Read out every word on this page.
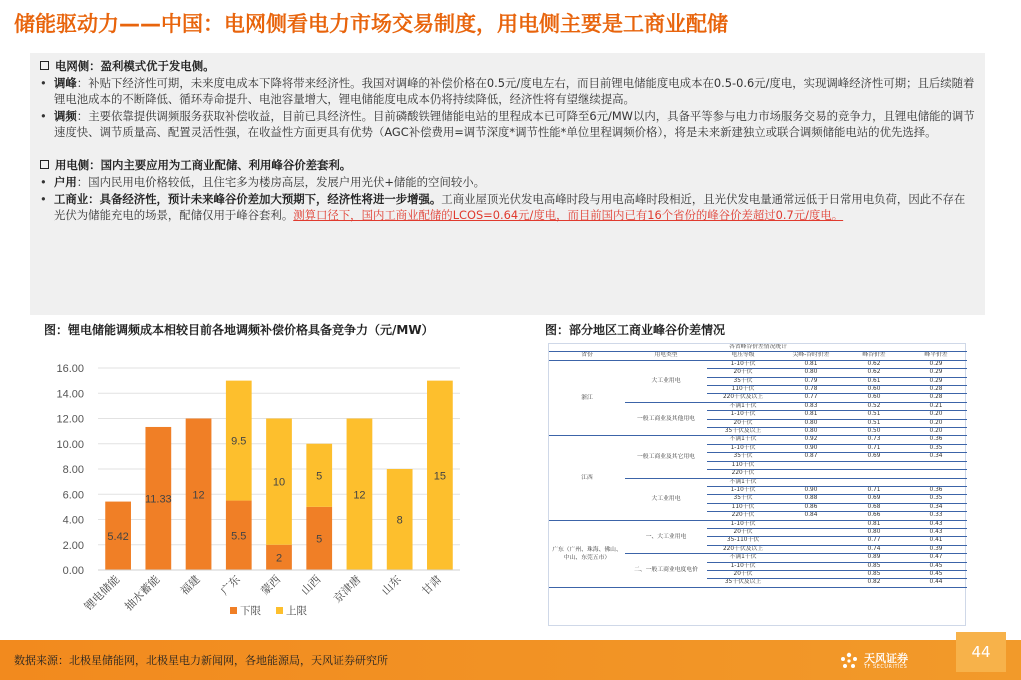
储能驱动力——中国：电网侧看电力市场交易制度，用电侧主要是工商业配储
电网侧：盈利模式优于发电侧。
• 调峰：补贴下经济性可期，未来度电成本下降将带来经济性。我国对调峰的补偿价格在0.5元/度电左右，而目前锂电储能度电成本在0.5-0.6元/度电，实现调峰经济性可期；且后续随着锂电池成本的不断降低、循环寿命提升、电池容量增大，锂电储能度电成本仍将持续降低，经济性将有望继续提高。
• 调频：主要依靠提供调频服务获取补偿收益，目前已具经济性。目前磷酸铁锂储能电站的里程成本已可降至6元/MW以内，具备平等参与电力市场服务交易的竞争力，且锂电储能的调节速度快、调节质量高、配置灵活性强，在收益性方面更具有优势（AGC补偿费用=调节深度*调节性能*单位里程调频价格），将是未来新建独立或联合调频储能电站的优先选择。
用电侧：国内主要应用为工商业配储、利用峰谷价差套利。
• 户用：国内民用电价格较低，且住宅多为楼房高层，发展户用光伏+储能的空间较小。
• 工商业：具备经济性，预计未来峰谷价差加大预期下，经济性将进一步增强。工商业屋顶光伏发电高峰时段与用电高峰时段相近，且光伏发电量通常远低于日常用电负荷，因此不存在光伏为储能充电的场景，配储仅用于峰谷套利。测算口径下，国内工商业配储的LCOS=0.64元/度电，而目前国内已有16个省份的峰谷价差超过0.7元/度电。
图：锂电储能调频成本相较目前各地调频补偿价格具备竞争力（元/MW）	图：部分地区工商业峰谷价差情况
0.00
2.00
4.00
6.00
8.00
10.00
12.00
14.00
16.00
5.42
锂电储能
11.33
抽水蓄能
12
福建
5.5
9.5
广东
2
10
蒙西
5
5
山西
12
京津唐
8
山东
15
甘肃
下限 上限
各省峰谷价差情况统计					
省份	用电类型	电压等级	尖峰-谷时价差	峰谷价差	峰平价差
浙江	大工业用电	1-10千伏	0.81	0.62	0.29
		20千伏	0.80	0.62	0.29
		35千伏	0.79	0.61	0.29
		110千伏	0.78	0.60	0.28
		220千伏及以上	0.77	0.60	0.28
	一般工商业及其他用电	不满1千伏	0.83	0.52	0.21
		1-10千伏	0.81	0.51	0.20
		20千伏	0.80	0.51	0.20
		35千伏及以上	0.80	0.50	0.20
江西	一般工商业及其它用电	不满1千伏	0.92	0.73	0.36
		1-10千伏	0.90	0.71	0.35
		35千伏	0.87	0.69	0.34
		110千伏			
		220千伏			
	大工业用电	不满1千伏			
		1-10千伏	0.90	0.71	0.36
		35千伏	0.88	0.69	0.35
		110千伏	0.86	0.68	0.34
		220千伏	0.84	0.66	0.33
广东（广州、珠海、佛山、中山、东莞五市）	一、大工业用电	1-10千伏		0.81	0.43
		20千伏		0.80	0.43
		35-110千伏		0.77	0.41
		220千伏及以上		0.74	0.39
	二、一般工商业电度电价	不满1千伏		0.89	0.47
		1-10千伏		0.85	0.45
		20千伏		0.85	0.45
		35千伏及以上		0.82	0.44
数据来源：北极星储能网，北极星电力新闻网，各地能源局，天风证券研究所	天风证券
TF SECURITIES
44
